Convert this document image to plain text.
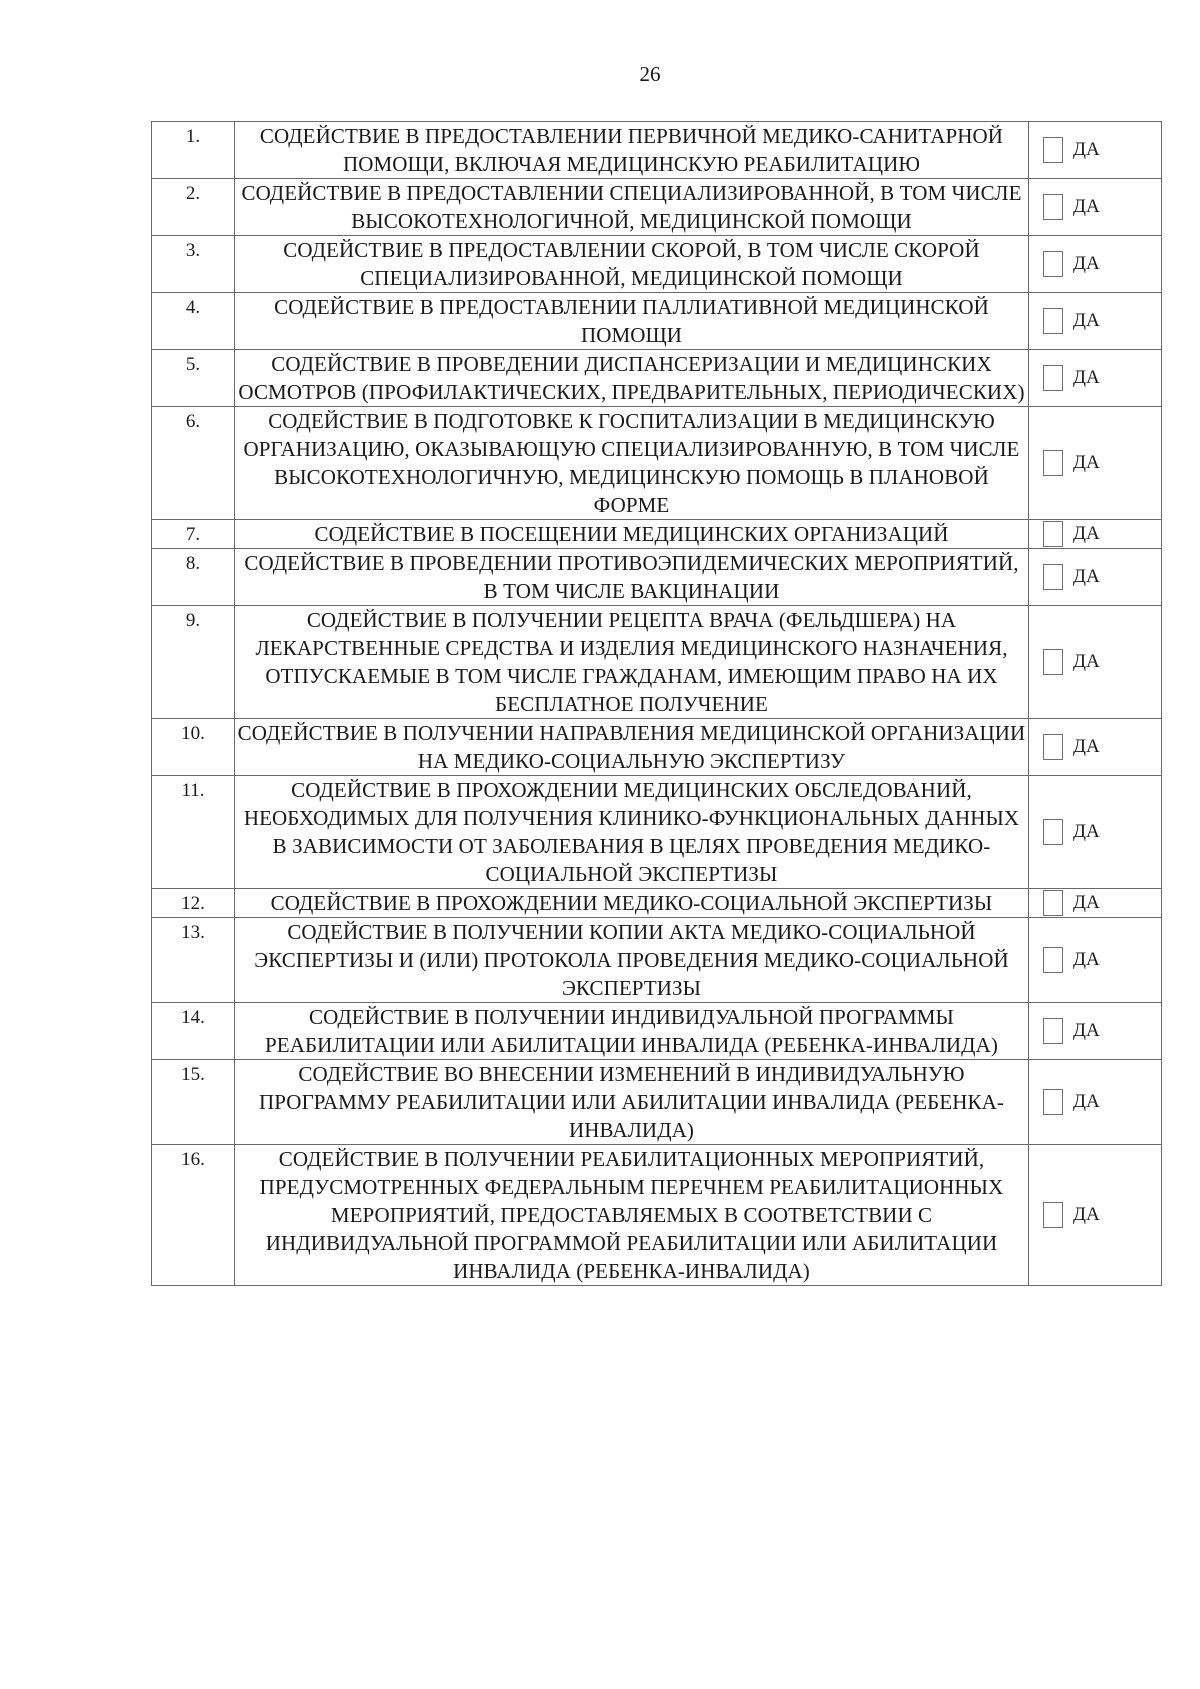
26
1.	СОДЕЙСТВИЕ В ПРЕДОСТАВЛЕНИИ ПЕРВИЧНОЙ МЕДИКО-САНИТАРНОЙ ПОМОЩИ, ВКЛЮЧАЯ МЕДИЦИНСКУЮ РЕАБИЛИТАЦИЮ	ДА

2.	СОДЕЙСТВИЕ В ПРЕДОСТАВЛЕНИИ СПЕЦИАЛИЗИРОВАННОЙ, В ТОМ ЧИСЛЕ ВЫСОКОТЕХНОЛОГИЧНОЙ, МЕДИЦИНСКОЙ ПОМОЩИ	ДА

3.	СОДЕЙСТВИЕ В ПРЕДОСТАВЛЕНИИ СКОРОЙ, В ТОМ ЧИСЛЕ СКОРОЙ СПЕЦИАЛИЗИРОВАННОЙ, МЕДИЦИНСКОЙ ПОМОЩИ	ДА

4.	СОДЕЙСТВИЕ В ПРЕДОСТАВЛЕНИИ ПАЛЛИАТИВНОЙ МЕДИЦИНСКОЙ ПОМОЩИ	ДА

5.	СОДЕЙСТВИЕ В ПРОВЕДЕНИИ ДИСПАНСЕРИЗАЦИИ И МЕДИЦИНСКИХ ОСМОТРОВ (ПРОФИЛАКТИЧЕСКИХ, ПРЕДВАРИТЕЛЬНЫХ, ПЕРИОДИЧЕСКИХ)	ДА

6.	СОДЕЙСТВИЕ В ПОДГОТОВКЕ К ГОСПИТАЛИЗАЦИИ В МЕДИЦИНСКУЮ ОРГАНИЗАЦИЮ, ОКАЗЫВАЮЩУЮ СПЕЦИАЛИЗИРОВАННУЮ, В ТОМ ЧИСЛЕ ВЫСОКОТЕХНОЛОГИЧНУЮ, МЕДИЦИНСКУЮ ПОМОЩЬ В ПЛАНОВОЙ ФОРМЕ	ДА

7.	СОДЕЙСТВИЕ В ПОСЕЩЕНИИ МЕДИЦИНСКИХ ОРГАНИЗАЦИЙ	ДА

8.	СОДЕЙСТВИЕ В ПРОВЕДЕНИИ ПРОТИВОЭПИДЕМИЧЕСКИХ МЕРОПРИЯТИЙ, В ТОМ ЧИСЛЕ ВАКЦИНАЦИИ	ДА

9.	СОДЕЙСТВИЕ В ПОЛУЧЕНИИ РЕЦЕПТА ВРАЧА (ФЕЛЬДШЕРА) НА ЛЕКАРСТВЕННЫЕ СРЕДСТВА И ИЗДЕЛИЯ МЕДИЦИНСКОГО НАЗНАЧЕНИЯ, ОТПУСКАЕМЫЕ В ТОМ ЧИСЛЕ ГРАЖДАНАМ, ИМЕЮЩИМ ПРАВО НА ИХ БЕСПЛАТНОЕ ПОЛУЧЕНИЕ	ДА

10.	СОДЕЙСТВИЕ В ПОЛУЧЕНИИ НАПРАВЛЕНИЯ МЕДИЦИНСКОЙ ОРГАНИЗАЦИИ НА МЕДИКО-СОЦИАЛЬНУЮ ЭКСПЕРТИЗУ	ДА

11.	СОДЕЙСТВИЕ В ПРОХОЖДЕНИИ МЕДИЦИНСКИХ ОБСЛЕДОВАНИЙ, НЕОБХОДИМЫХ ДЛЯ ПОЛУЧЕНИЯ КЛИНИКО-ФУНКЦИОНАЛЬНЫХ ДАННЫХ В ЗАВИСИМОСТИ ОТ ЗАБОЛЕВАНИЯ В ЦЕЛЯХ ПРОВЕДЕНИЯ МЕДИКО-СОЦИАЛЬНОЙ ЭКСПЕРТИЗЫ	ДА

12.	СОДЕЙСТВИЕ В ПРОХОЖДЕНИИ МЕДИКО-СОЦИАЛЬНОЙ ЭКСПЕРТИЗЫ	ДА

13.	СОДЕЙСТВИЕ В ПОЛУЧЕНИИ КОПИИ АКТА МЕДИКО-СОЦИАЛЬНОЙ ЭКСПЕРТИЗЫ И (ИЛИ) ПРОТОКОЛА ПРОВЕДЕНИЯ МЕДИКО-СОЦИАЛЬНОЙ ЭКСПЕРТИЗЫ	ДА

14.	СОДЕЙСТВИЕ В ПОЛУЧЕНИИ ИНДИВИДУАЛЬНОЙ ПРОГРАММЫ РЕАБИЛИТАЦИИ ИЛИ АБИЛИТАЦИИ ИНВАЛИДА (РЕБЕНКА-ИНВАЛИДА)	ДА

15.	СОДЕЙСТВИЕ ВО ВНЕСЕНИИ ИЗМЕНЕНИЙ В ИНДИВИДУАЛЬНУЮ ПРОГРАММУ РЕАБИЛИТАЦИИ ИЛИ АБИЛИТАЦИИ ИНВАЛИДА (РЕБЕНКА-ИНВАЛИДА)	ДА

16.	СОДЕЙСТВИЕ В ПОЛУЧЕНИИ РЕАБИЛИТАЦИОННЫХ МЕРОПРИЯТИЙ, ПРЕДУСМОТРЕННЫХ ФЕДЕРАЛЬНЫМ ПЕРЕЧНЕМ РЕАБИЛИТАЦИОННЫХ МЕРОПРИЯТИЙ, ПРЕДОСТАВЛЯЕМЫХ В СООТВЕТСТВИИ С ИНДИВИДУАЛЬНОЙ ПРОГРАММОЙ РЕАБИЛИТАЦИИ ИЛИ АБИЛИТАЦИИ ИНВАЛИДА (РЕБЕНКА-ИНВАЛИДА)	ДА
